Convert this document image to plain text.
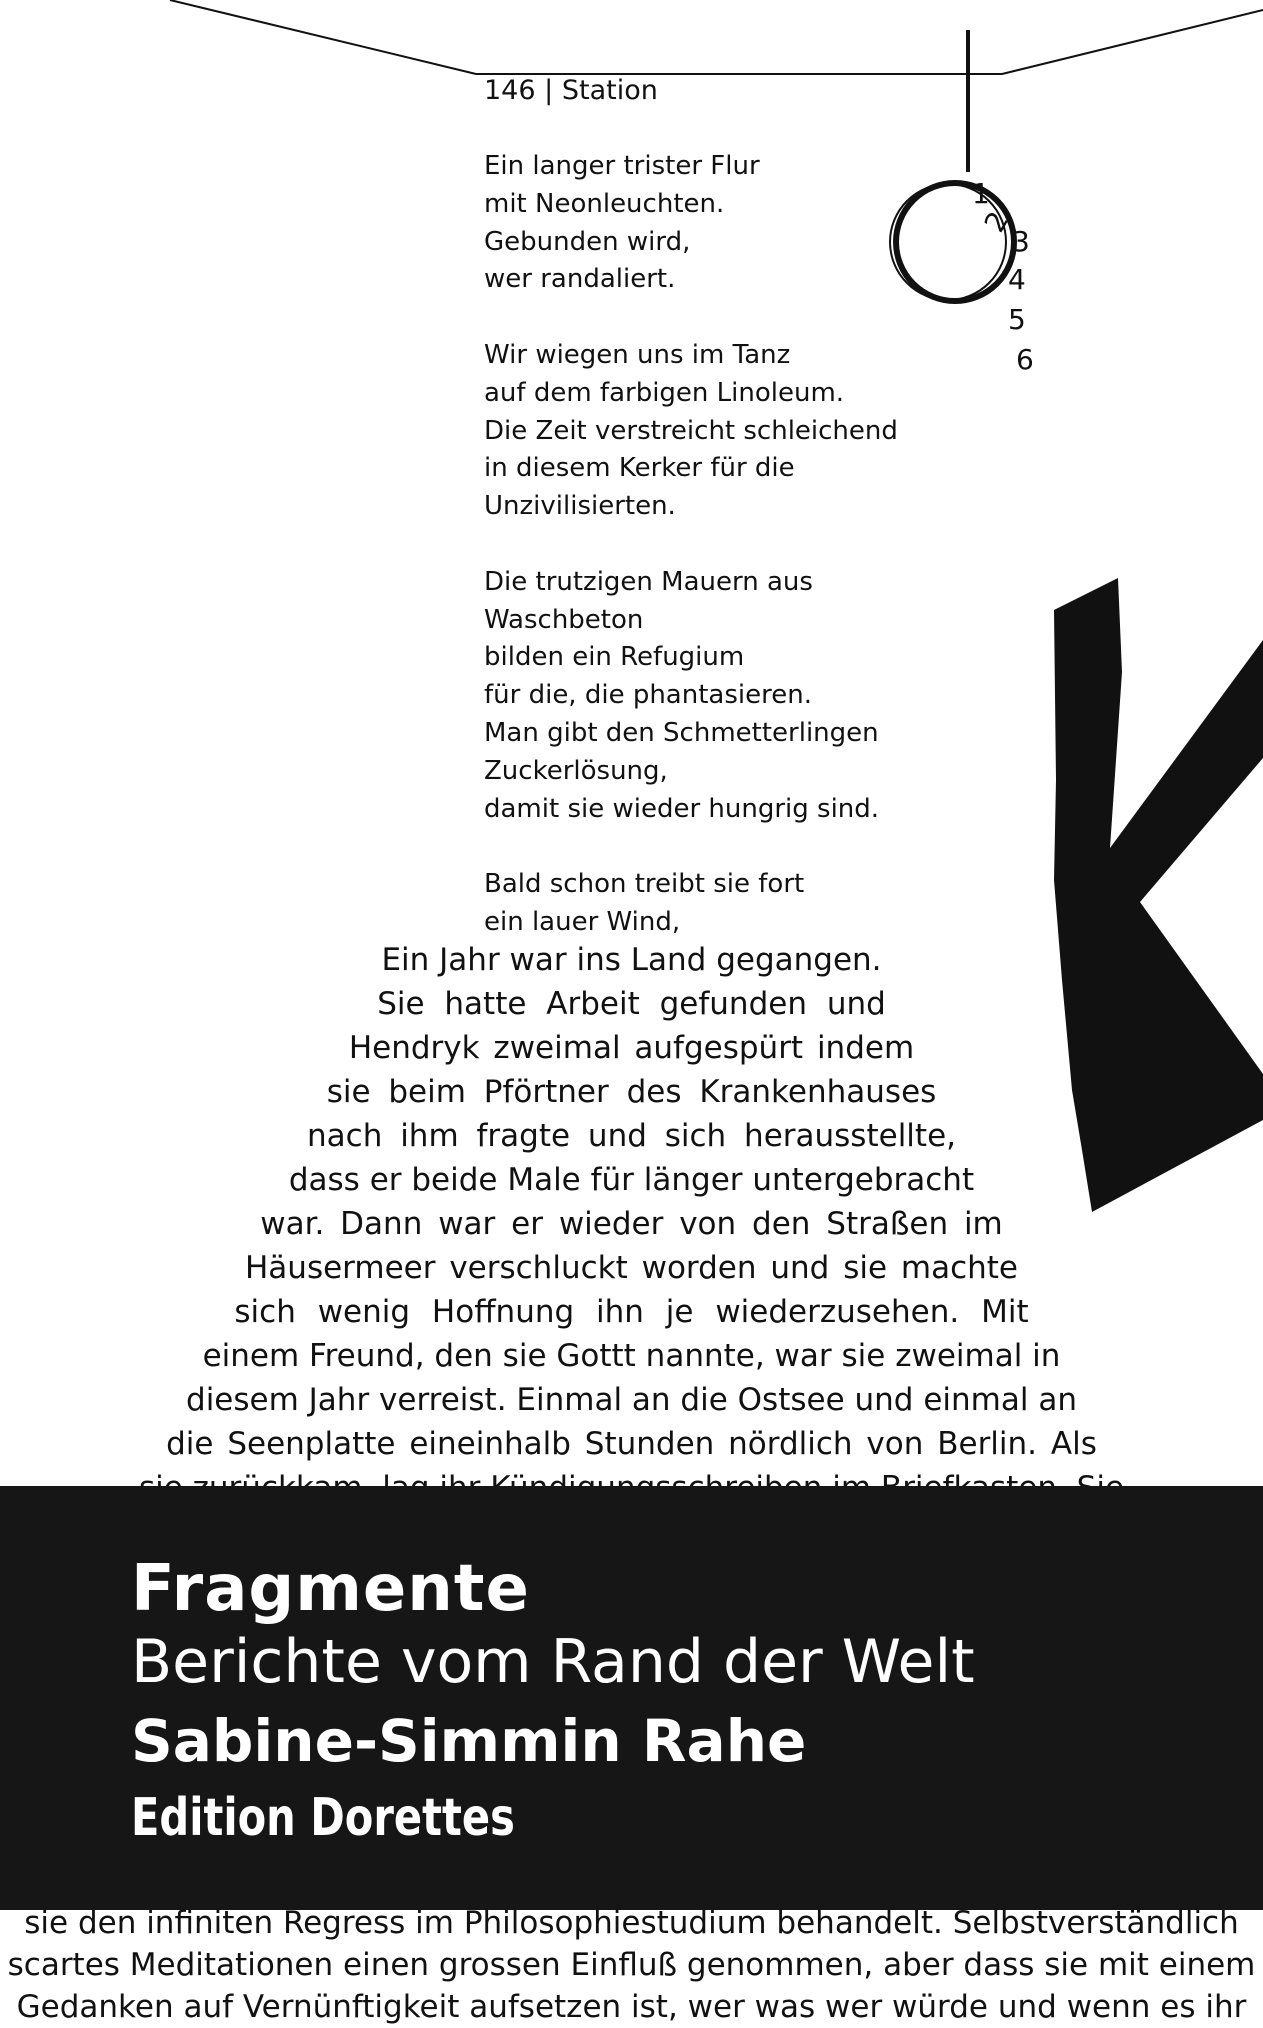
146 | Station
Ein langer trister Flur
mit Neonleuchten.
Gebunden wird,
wer randaliert.
Wir wiegen uns im Tanz
auf dem farbigen Linoleum.
Die Zeit verstreicht schleichend
in diesem Kerker für die
Unzivilisierten.
Die trutzigen Mauern aus
Waschbeton
bilden ein Refugium
für die, die phantasieren.
Man gibt den Schmetterlingen
Zuckerlösung,
damit sie wieder hungrig sind.
Bald schon treibt sie fort
ein lauer Wind,
1
2
3
4
5
6
Ein Jahr war ins Land gegangen.
Sie hatte Arbeit gefunden und
Hendryk zweimal aufgespürt indem
sie beim Pförtner des Krankenhauses
nach ihm fragte und sich herausstellte,
dass er beide Male für länger untergebracht
war. Dann war er wieder von den Straßen im
Häusermeer verschluckt worden und sie machte
sich wenig Hoffnung ihn je wiederzusehen. Mit
einem Freund, den sie Gottt nannte, war sie zweimal in
diesem Jahr verreist. Einmal an die Ostsee und einmal an
die Seenplatte eineinhalb Stunden nördlich von Berlin. Als
Fragmente
Berichte vom Rand der Welt
Sabine-Simmin Rahe
Edition Dorettes
sie den infiniten Regress im Philosophiestudium behandelt. Selbstverständlich
scartes Meditationen einen grossen Einfluß genommen, aber dass sie mit einem
Gedanken auf Vernünftigkeit aufsetzen ist, wer was wer würde und wenn es ihr
